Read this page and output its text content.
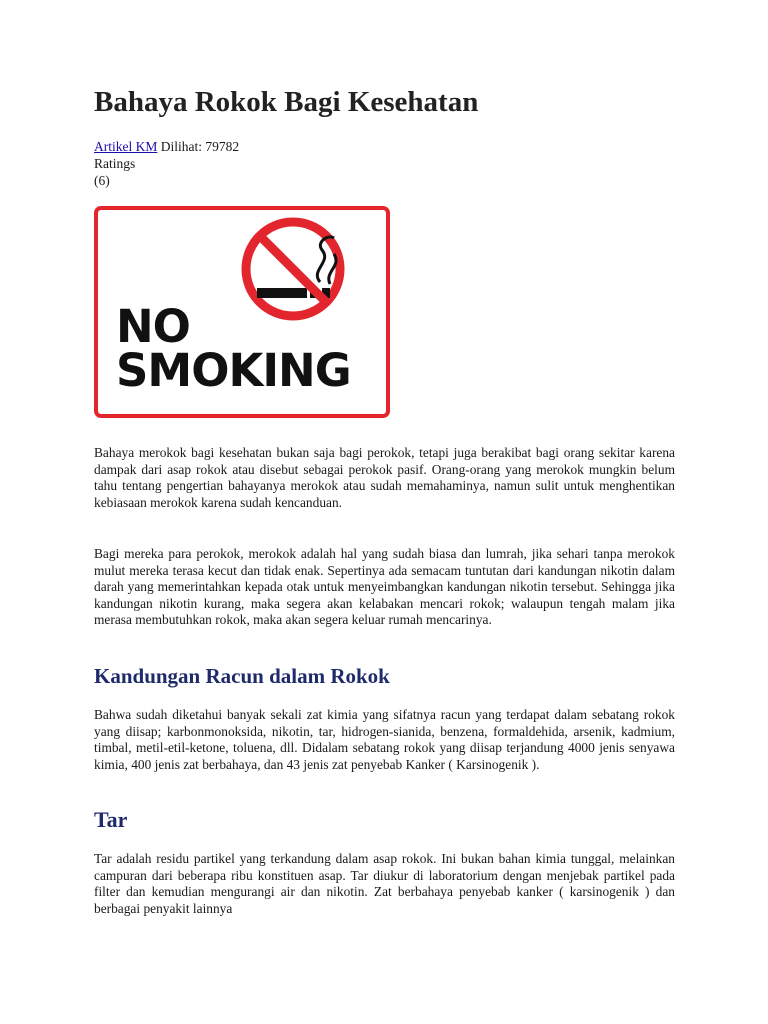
Bahaya Rokok Bagi Kesehatan
Artikel KM Dilihat: 79782
Ratings
(6)
NO
SMOKING

Bahaya merokok bagi kesehatan bukan saja bagi perokok, tetapi juga berakibat bagi orang sekitar karena dampak dari asap rokok atau disebut sebagai perokok pasif. Orang-orang yang merokok mungkin belum tahu tentang pengertian bahayanya merokok atau sudah memahaminya, namun sulit untuk menghentikan kebiasaan merokok karena sudah kencanduan.

Bagi mereka para perokok, merokok adalah hal yang sudah biasa dan lumrah, jika sehari tanpa merokok mulut mereka terasa kecut dan tidak enak. Sepertinya ada semacam tuntutan dari kandungan nikotin dalam darah yang memerintahkan kepada otak untuk menyeimbangkan kandungan nikotin tersebut. Sehingga jika kandungan nikotin kurang, maka segera akan kelabakan mencari rokok; walaupun tengah malam jika merasa membutuhkan rokok, maka akan segera keluar rumah mencarinya.

Kandungan Racun dalam Rokok

Bahwa sudah diketahui banyak sekali zat kimia yang sifatnya racun yang terdapat dalam sebatang rokok yang diisap; karbonmonoksida, nikotin, tar, hidrogen-sianida, benzena, formaldehida, arsenik, kadmium, timbal, metil-etil-ketone, toluena, dll. Didalam sebatang rokok yang diisap terjandung 4000 jenis senyawa kimia, 400 jenis zat berbahaya, dan 43 jenis zat penyebab Kanker ( Karsinogenik ).

Tar

Tar adalah residu partikel yang terkandung dalam asap rokok. Ini bukan bahan kimia tunggal, melainkan campuran dari beberapa ribu konstituen asap. Tar diukur di laboratorium dengan menjebak partikel pada filter dan kemudian mengurangi air dan nikotin. Zat berbahaya penyebab kanker ( karsinogenik ) dan berbagai penyakit lainnya
